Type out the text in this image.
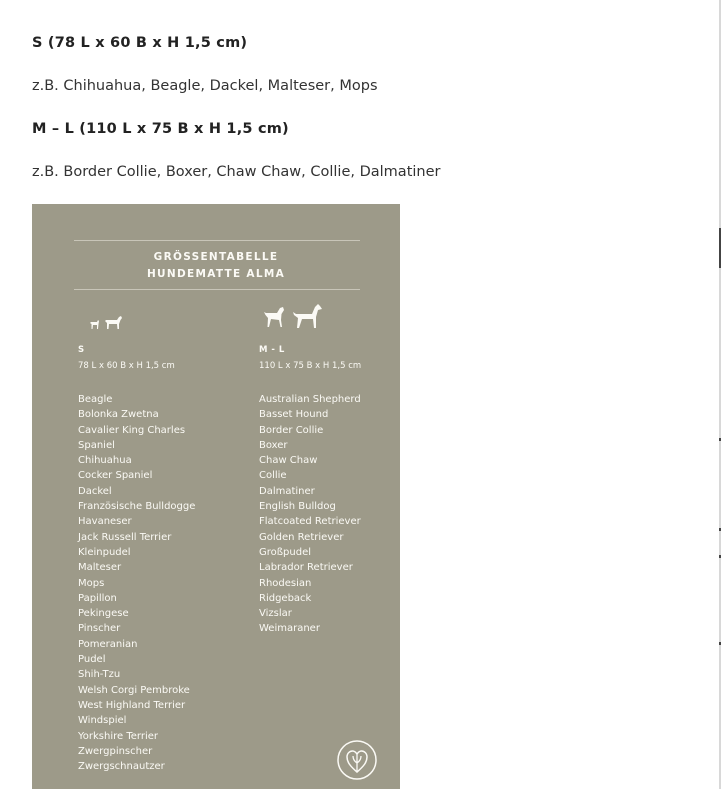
S (78 L x 60 B x H 1,5 cm)

z.B. Chihuahua, Beagle, Dackel, Malteser, Mops

M – L (110 L x 75 B x H 1,5 cm)

z.B. Border Collie, Boxer, Chaw Chaw, Collie, Dalmatiner

GRÖSSENTABELLE
HUNDEMATTE ALMA
S
78 L x 60 B x H 1,5 cm
Beagle
Bolonka Zwetna
Cavalier King Charles
Spaniel
Chihuahua
Cocker Spaniel
Dackel
Französische Bulldogge
Havaneser
Jack Russell Terrier
Kleinpudel
Malteser
Mops
Papillon
Pekingese
Pinscher
Pomeranian
Pudel
Shih-Tzu
Welsh Corgi Pembroke
West Highland Terrier
Windspiel
Yorkshire Terrier
Zwergpinscher
Zwergschnautzer
M - L
110 L x 75 B x H 1,5 cm
Australian Shepherd
Basset Hound
Border Collie
Boxer
Chaw Chaw
Collie
Dalmatiner
English Bulldog
Flatcoated Retriever
Golden Retriever
Großpudel
Labrador Retriever
Rhodesian
Ridgeback
Vizslar
Weimaraner
